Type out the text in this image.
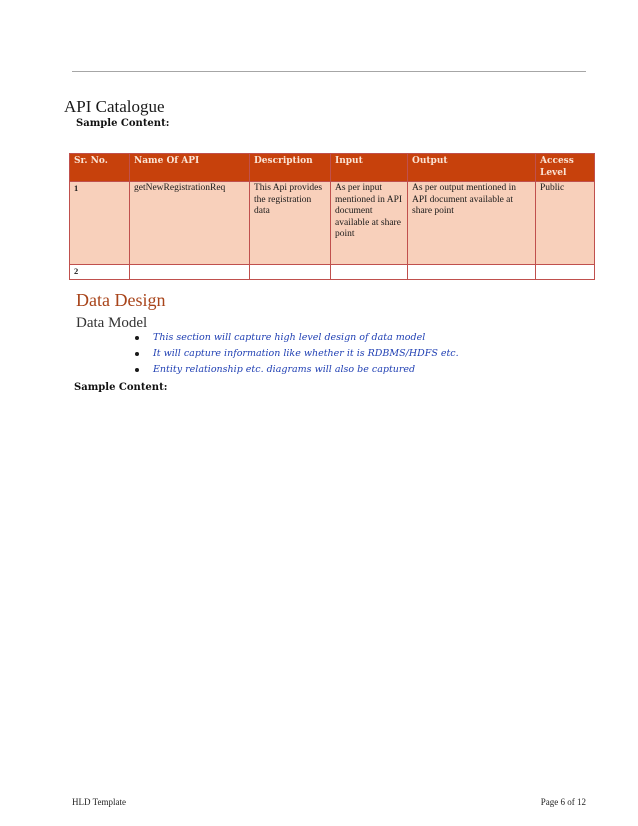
API Catalogue

Sample Content:

Sr. No.	Name Of API	Description	Input	Output	Access Level
1	getNewRegistrationReq	This Api provides the registration data	As per input mentioned in API document available at share point	As per output mentioned in API document available at share point	Public
2					
Data Design
Data Model
This section will capture high level design of data model
It will capture information like whether it is RDBMS/HDFS etc.
Entity relationship etc. diagrams will also be captured

Sample Content:

HLD Template	Page 6 of 12
